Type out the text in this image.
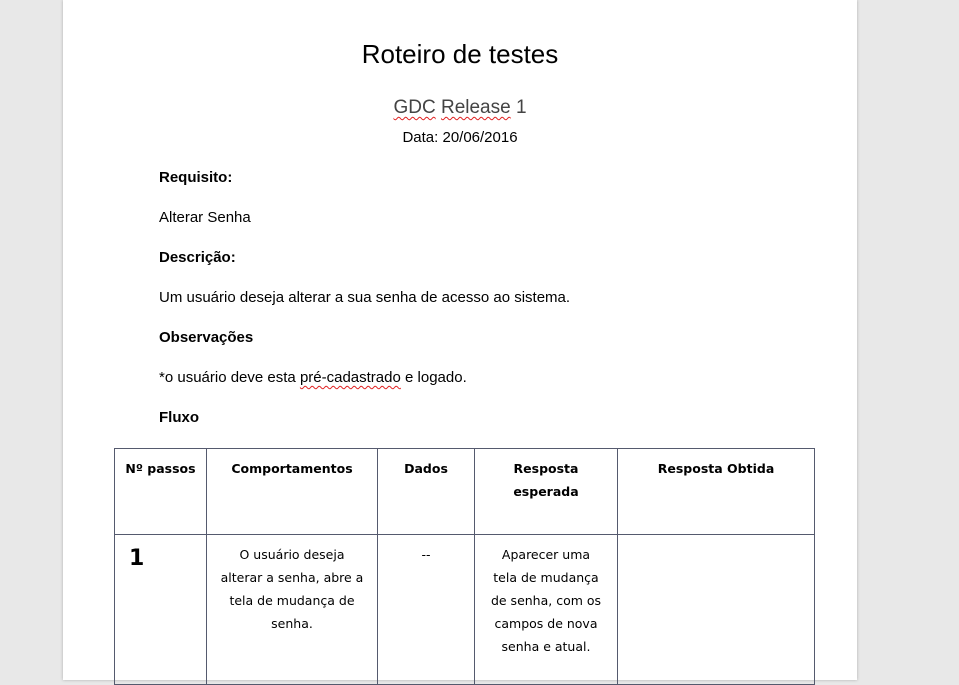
Roteiro de testes
GDC Release 1
Data: 20/06/2016
Requisito:
Alterar Senha
Descrição:
Um usuário deseja alterar a sua senha de acesso ao sistema.
Observações
*o usuário deve esta pré-cadastrado e logado.
Fluxo
Nº passos	Comportamentos	Dados	Resposta esperada	Resposta Obtida
1	O usuário deseja alterar a senha, abre a tela de mudança de senha.	--	Aparecer uma tela de mudança de senha, com os campos de nova senha e atual.	
